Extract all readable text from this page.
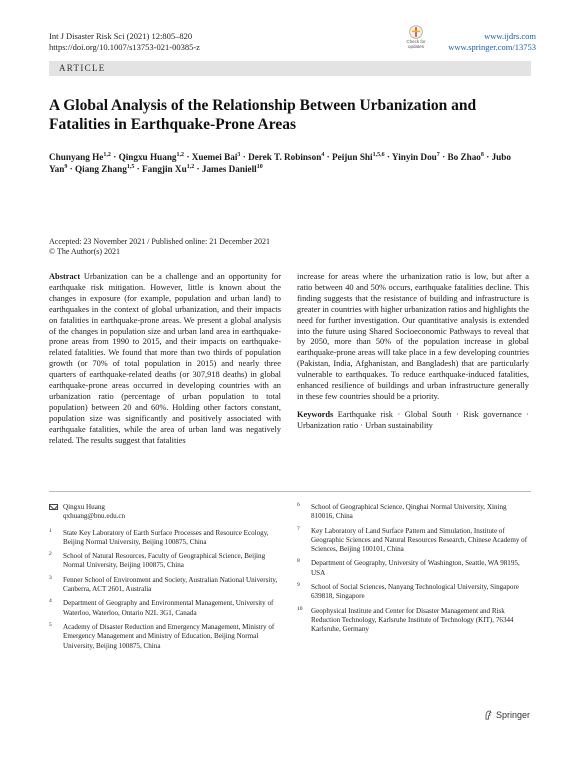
Int J Disaster Risk Sci (2021) 12:805–820
https://doi.org/10.1007/s13753-021-00385-z
Check for updates
www.ijdrs.com
www.springer.com/13753
ARTICLE
A Global Analysis of the Relationship Between Urbanization and Fatalities in Earthquake-Prone Areas
Chunyang He$^{1,2}$ · Qingxu Huang$^{1,2}$ · Xuemei Bai$^3$ · Derek T. Robinson$^4$ · Peijun Shi$^{1,5,6}$ · Yinyin Dou$^7$ · Bo Zhao$^8$ · Jubo Yan$^9$ · Qiang Zhang$^{1,5}$ · Fangjin Xu$^{1,2}$ · James Daniell$^{10}$
Accepted: 23 November 2021 / Published online: 21 December 2021
© The Author(s) 2021

Abstract Urbanization can be a challenge and an opportunity for earthquake risk mitigation. However, little is known about the changes in exposure (for example, population and urban land) to earthquakes in the context of global urbanization, and their impacts on fatalities in earthquake-prone areas. We present a global analysis of the changes in population size and urban land area in earthquake-prone areas from 1990 to 2015, and their impacts on earthquake-related fatalities. We found that more than two thirds of population growth (or 70% of total population in 2015) and nearly three quarters of earthquake-related deaths (or 307,918 deaths) in global earthquake-prone areas occurred in developing countries with an urbanization ratio (percentage of urban population to total population) between 20 and 60%. Holding other factors constant, population size was significantly and positively associated with earthquake fatalities, while the area of urban land was negatively related. The results suggest that fatalities

increase for areas where the urbanization ratio is low, but after a ratio between 40 and 50% occurs, earthquake fatalities decline. This finding suggests that the resistance of building and infrastructure is greater in countries with higher urbanization ratios and highlights the need for further investigation. Our quantitative analysis is extended into the future using Shared Socioeconomic Pathways to reveal that by 2050, more than 50% of the population increase in global earthquake-prone areas will take place in a few developing countries (Pakistan, India, Afghanistan, and Bangladesh) that are particularly vulnerable to earthquakes. To reduce earthquake-induced fatalities, enhanced resilience of buildings and urban infrastructure generally in these few countries should be a priority.

Keywords Earthquake risk · Global South · Risk governance · Urbanization ratio · Urban sustainability

Qingxu Huang
qxhuang@bnu.edu.cn
1 State Key Laboratory of Earth Surface Processes and Resource Ecology, Beijing Normal University, Beijing 100875, China
2 School of Natural Resources, Faculty of Geographical Science, Beijing Normal University, Beijing 100875, China
3 Fenner School of Environment and Society, Australian National University, Canberra, ACT 2601, Australia
4 Department of Geography and Environmental Management, University of Waterloo, Waterloo, Ontario N2L 3G1, Canada
5 Academy of Disaster Reduction and Emergency Management, Ministry of Emergency Management and Ministry of Education, Beijing Normal University, Beijing 100875, China
6 School of Geographical Science, Qinghai Normal University, Xining 810016, China
7 Key Laboratory of Land Surface Pattern and Simulation, Institute of Geographic Sciences and Natural Resources Research, Chinese Academy of Sciences, Beijing 100101, China
8 Department of Geography, University of Washington, Seattle, WA 98195, USA
9 School of Social Sciences, Nanyang Technological University, Singapore 639818, Singapore
10 Geophysical Institute and Center for Disaster Management and Risk Reduction Technology, Karlsruhe Institute of Technology (KIT), 76344 Karlsruhe, Germany
Springer
